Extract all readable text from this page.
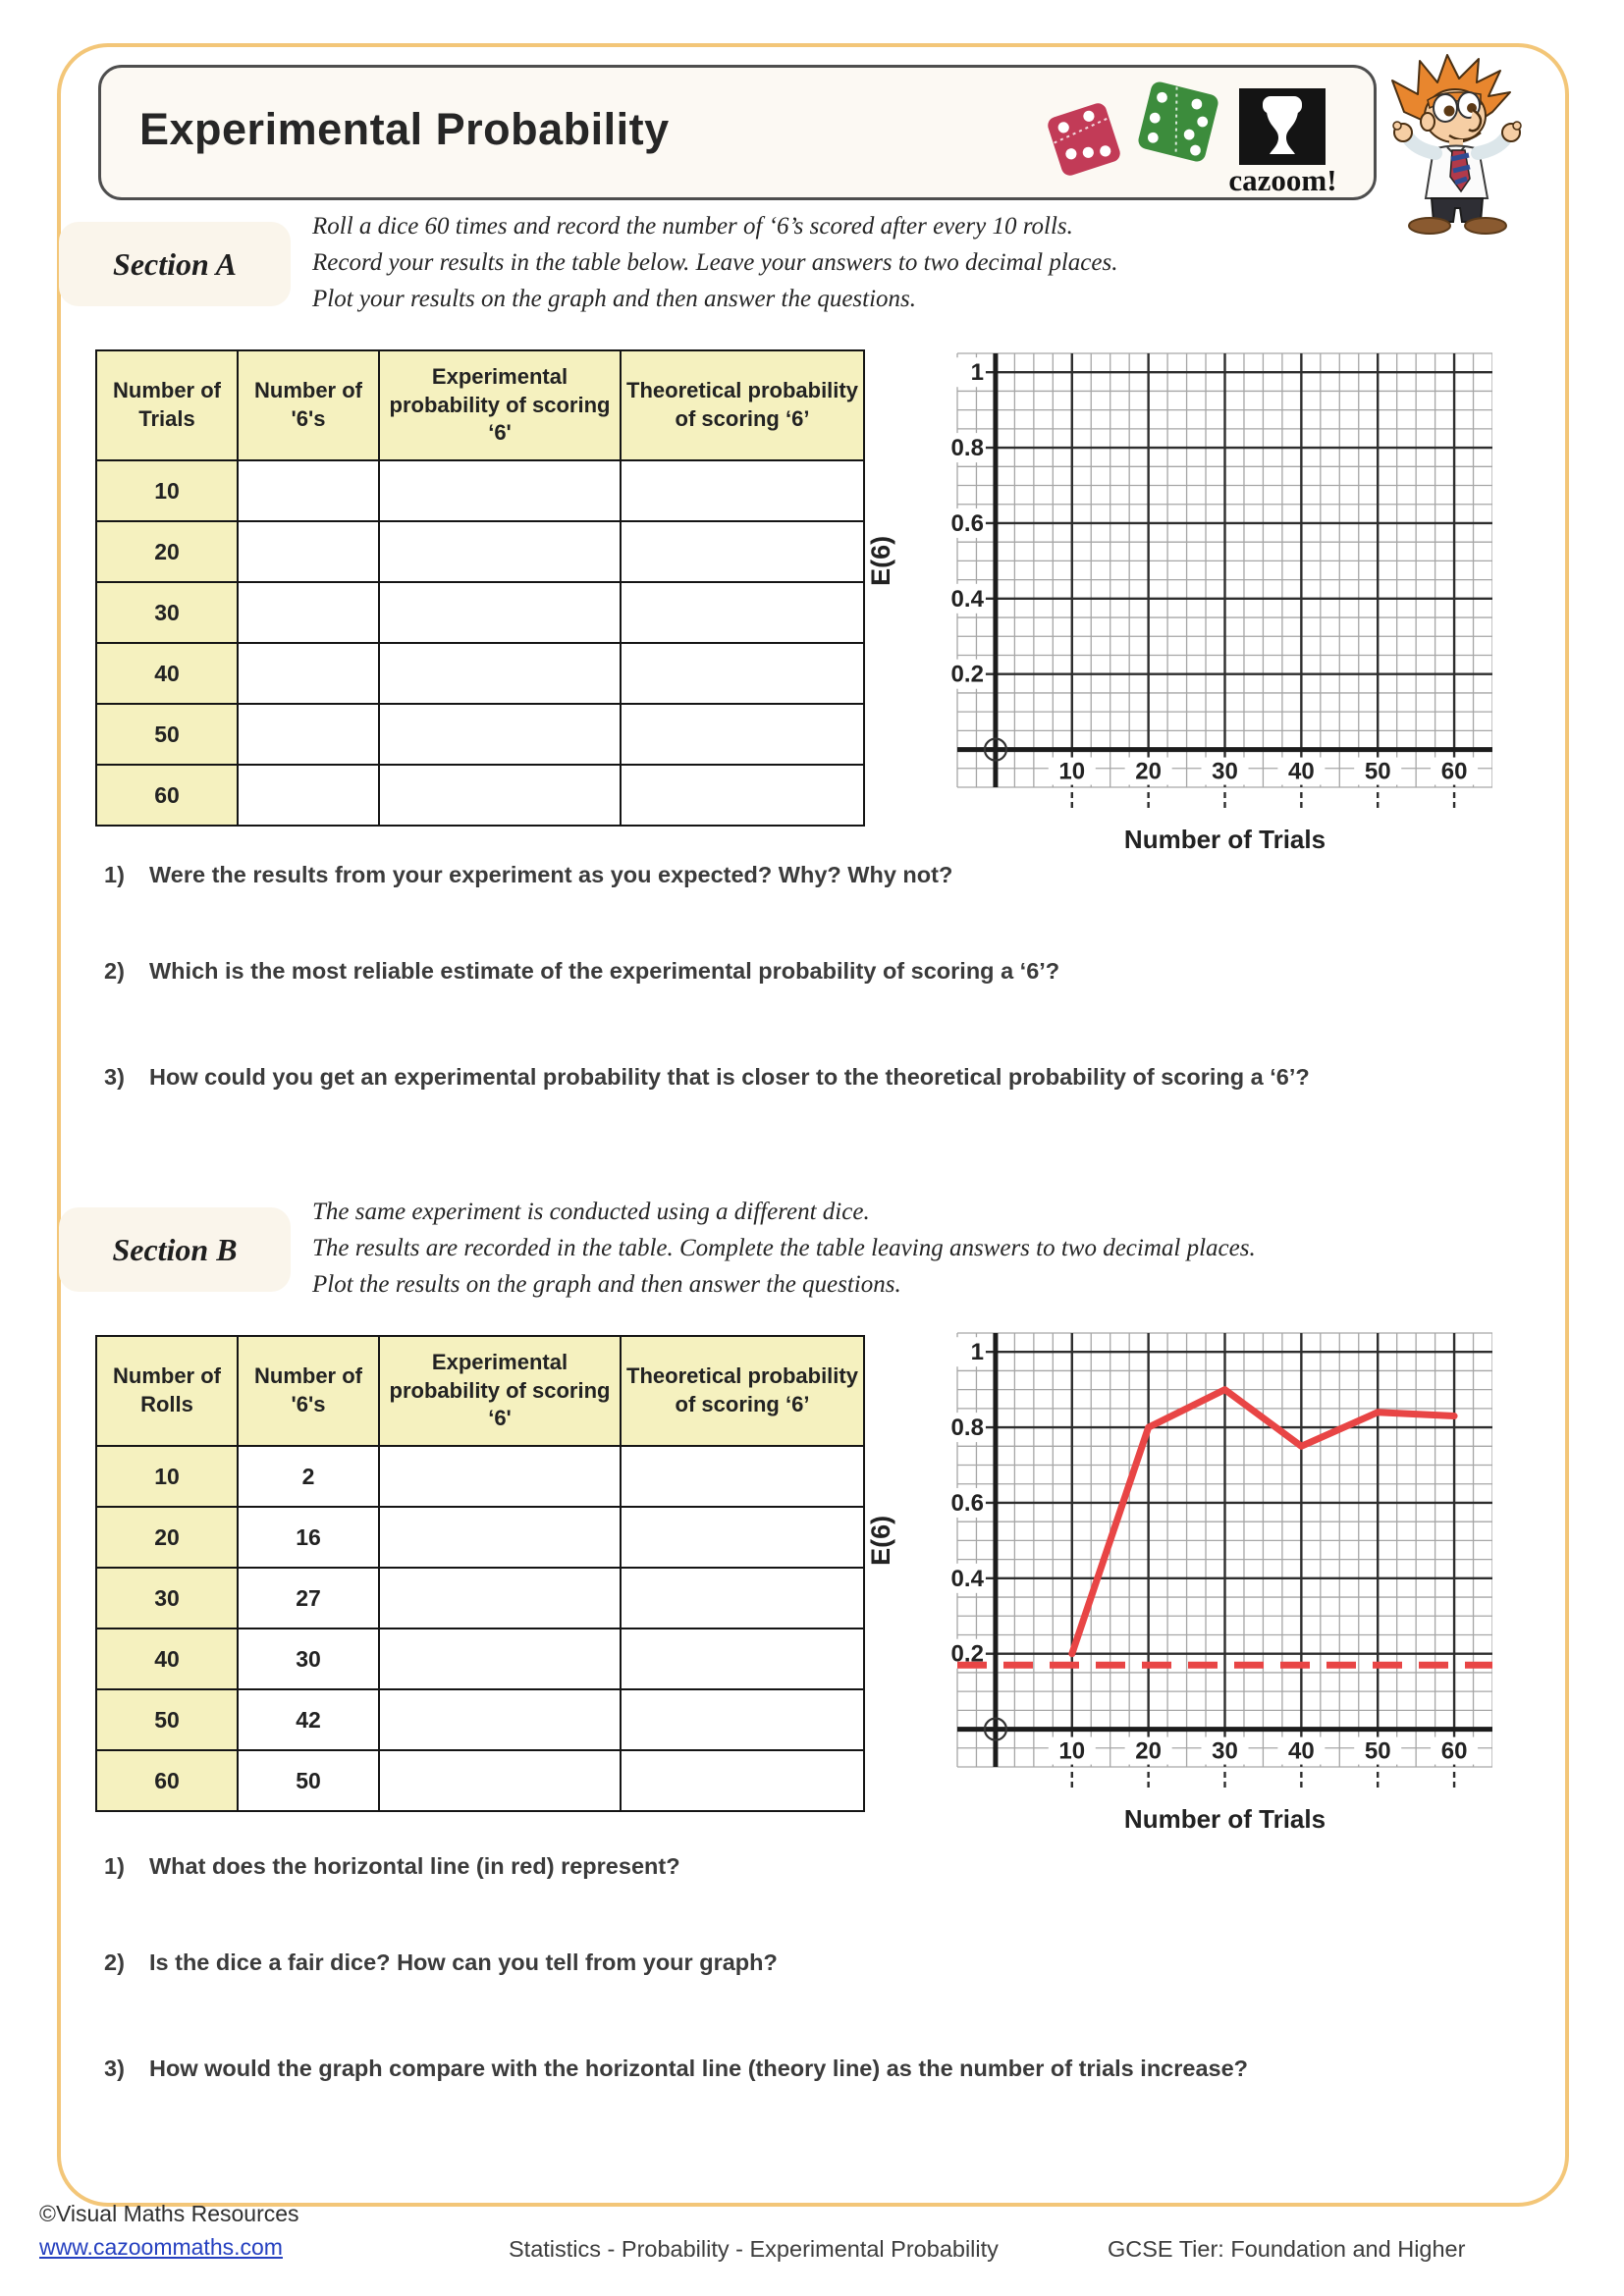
Experimental Probability
cazoom!
Section A
Roll a dice 60 times and record the number of ‘6’s scored after every 10 rolls.
Record your results in the table below. Leave your answers to two decimal places.
Plot your results on the graph and then answer the questions.
Number of Trials	Number of '6's	Experimental probability of scoring ‘6'	Theoretical probability of scoring ‘6’
10			
20			
30			
40			
50			
60			
0.2
0.4
0.6
0.8
1
10 20 30 40 50 60
Number of Trials
E(6)
1)	Were the results from your experiment as you expected? Why? Why not?
2)	Which is the most reliable estimate of the experimental probability of scoring a ‘6’?
3)	How could you get an experimental probability that is closer to the theoretical probability of scoring a ‘6’?
Section B
The same experiment is conducted using a different dice.
The results are recorded in the table. Complete the table leaving answers to two decimal places.
Plot the results on the graph and then answer the questions.
Number of Rolls	Number of '6's	Experimental probability of scoring ‘6'	Theoretical probability of scoring ‘6’
10	2		
20	16		
30	27		
40	30		
50	42		
60	50		
0.2
0.4
0.6
0.8
1
10 20 30 40 50 60
Number of Trials
E(6)
1)	What does the horizontal line (in red) represent?
2)	Is the dice a fair dice? How can you tell from your graph?
3)	How would the graph compare with the horizontal line (theory line) as the number of trials increase?
©Visual Maths Resources
www.cazoommaths.com	Statistics - Probability - Experimental Probability	GCSE Tier: Foundation and Higher
